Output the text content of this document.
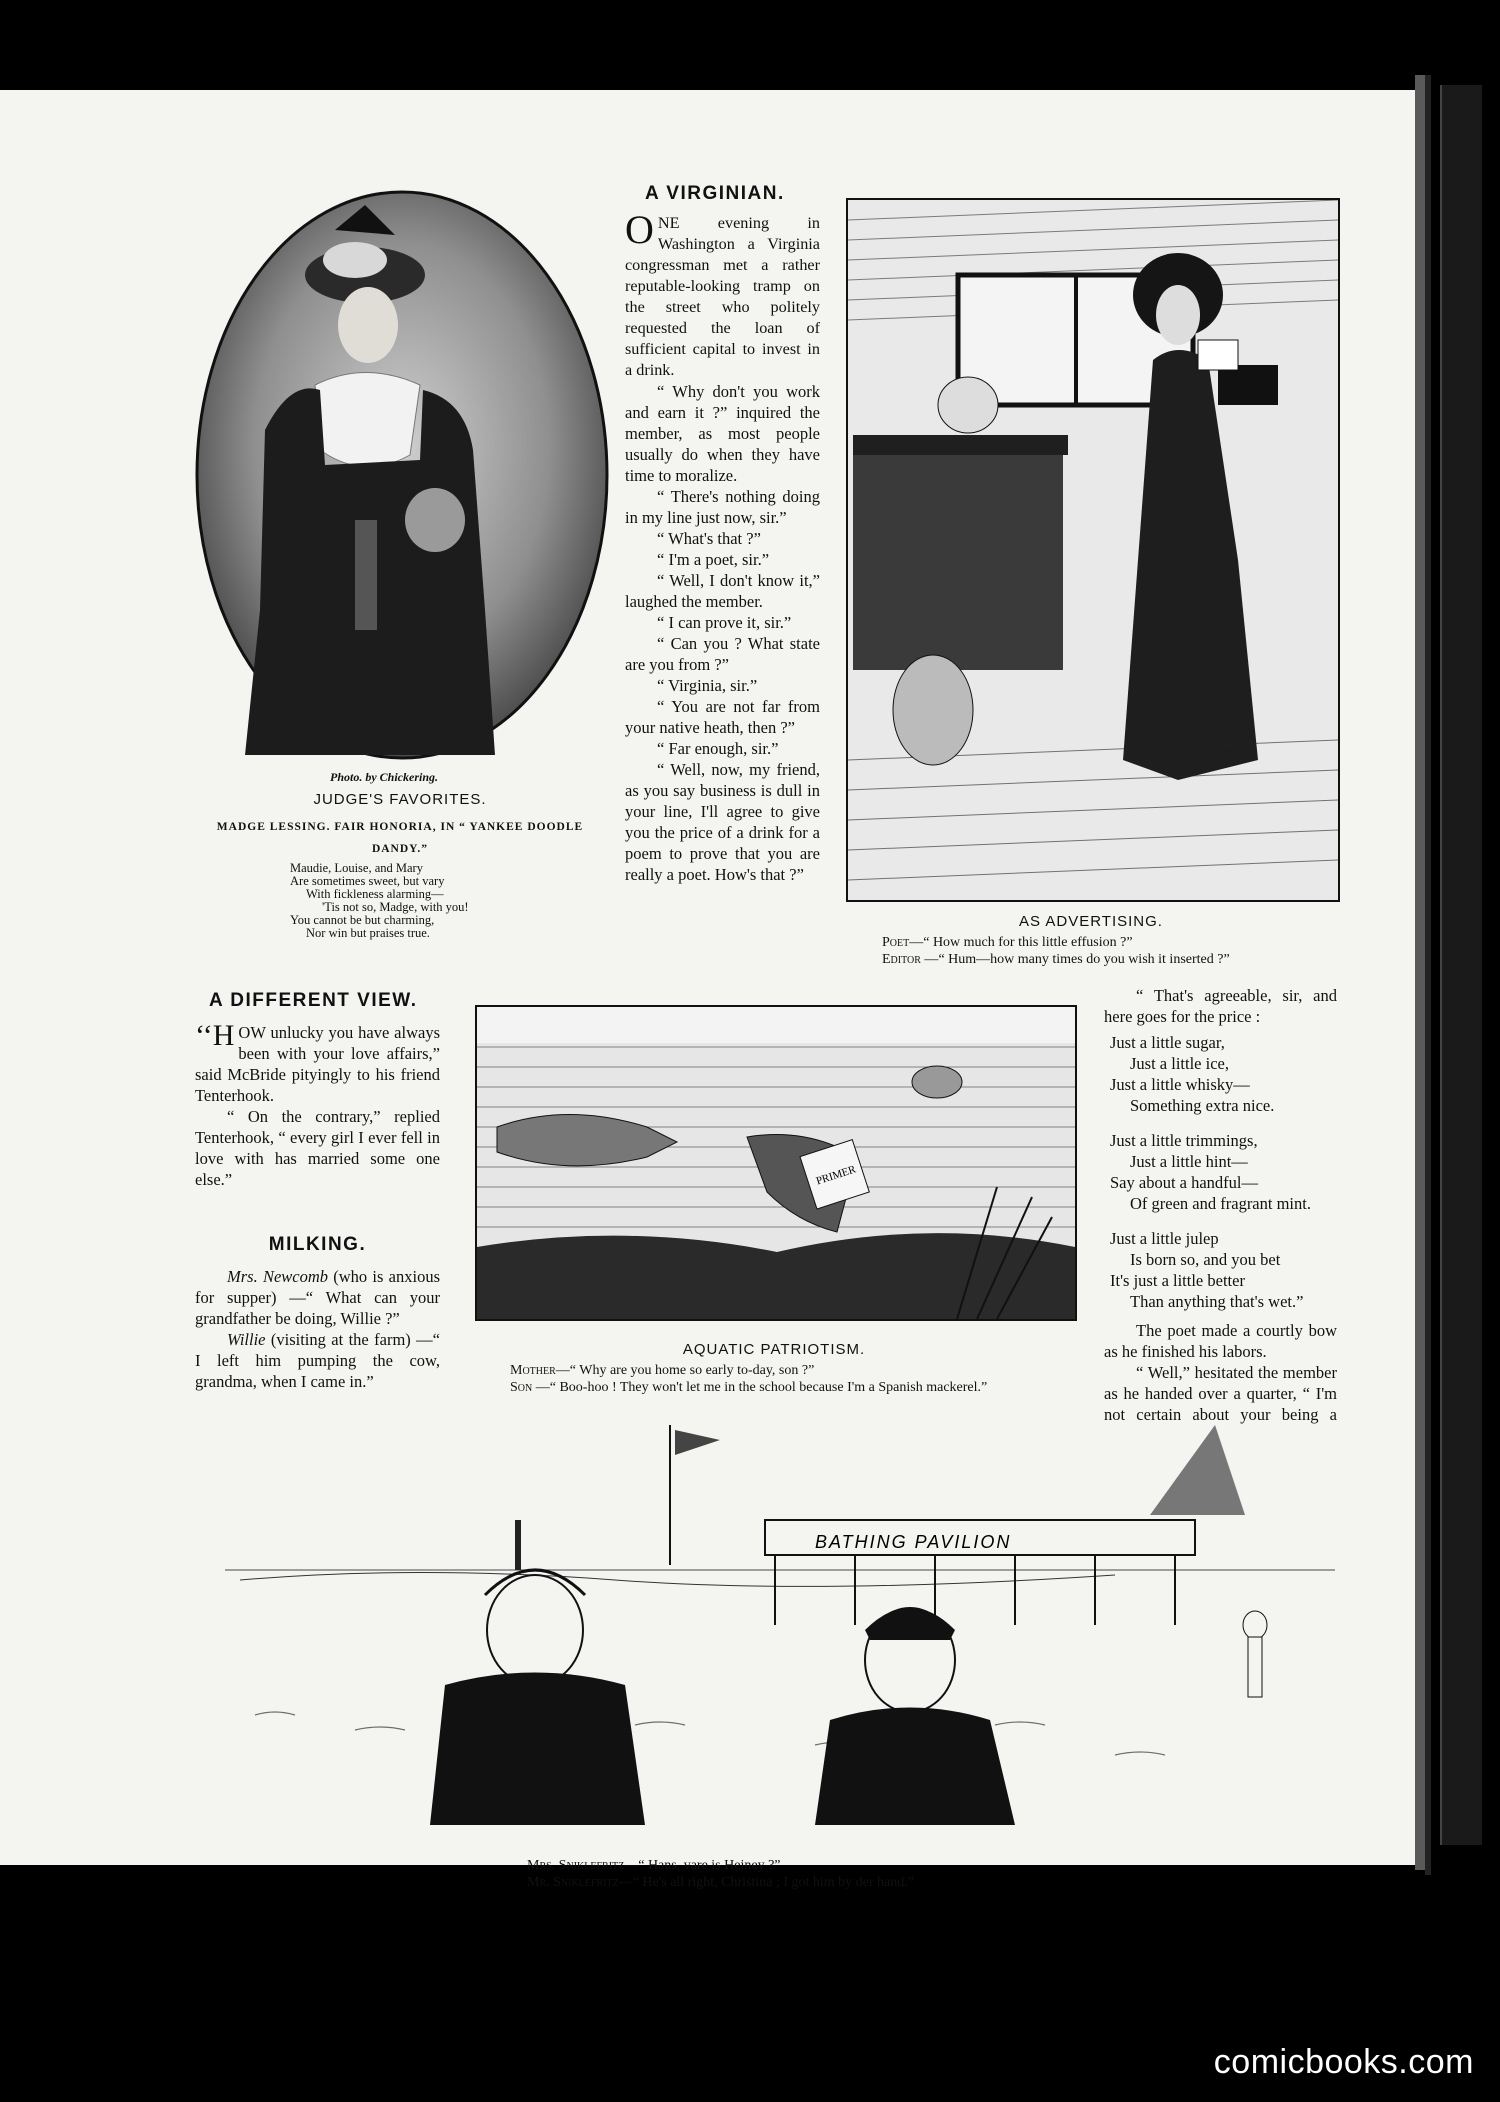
Photo. by Chickering.
JUDGE'S FAVORITES.
MADGE LESSING. FAIR HONORIA, IN “ YANKEE DOODLE
DANDY.”
Maudie, Louise, and Mary
Are sometimes sweet, but vary
With fickleness alarming—
'Tis not so, Madge, with you!
You cannot be but charming,
Nor win but praises true.
A VIRGINIAN.

ONE evening in Washington a Virginia congressman met a rather reputable-looking tramp on the street who politely requested the loan of sufficient capital to invest in a drink.

“ Why don't you work and earn it ?” inquired the member, as most people usually do when they have time to moralize.

“ There's nothing doing in my line just now, sir.”

“ What's that ?”

“ I'm a poet, sir.”

“ Well, I don't know it,” laughed the member.

“ I can prove it, sir.”

“ Can you ? What state are you from ?”

“ Virginia, sir.”

“ You are not far from your native heath, then ?”

“ Far enough, sir.”

“ Well, now, my friend, as you say business is dull in your line, I'll agree to give you the price of a drink for a poem to prove that you are really a poet. How's that ?”

AS ADVERTISING.
Poet—“ How much for this little effusion ?”
Editor —“ Hum—how many times do you wish it inserted ?”
A DIFFERENT VIEW.

‘‘H OW unlucky you have always been with your love affairs,” said McBride pityingly to his friend Tenterhook.

“ On the contrary,” replied Tenterhook, “ every girl I ever fell in love with has married some one else.”

MILKING.

Mrs. Newcomb (who is anxious for supper) —“ What can your grandfather be doing, Willie ?”

Willie (visiting at the farm) —“ I left him pumping the cow, grandma, when I came in.”

PRIMER
AQUATIC PATRIOTISM.
Mother—“ Why are you home so early to-day, son ?”
Son —“ Boo-hoo ! They won't let me in the school because I'm a Spanish mackerel.”

“ That's agreeable, sir, and here goes for the price :

Just a little sugar,

Just a little ice,

Just a little whisky—

Something extra nice.

Just a little trimmings,

Just a little hint—

Say about a handful—

Of green and fragrant mint.

Just a little julep

Is born so, and you bet

It's just a little better

Than anything that's wet.”

The poet made a courtly bow as he finished his labors.

“ Well,” hesitated the member as he handed over a quarter, “ I'm not certain about your being a

BATHING PAVILION
Mrs. Sniklefritz—“ Hans, vare is Heiney ?”
Mr. Sniklefritz—“ He's all right, Christina ; I got him by der hand.”
comicbooks.com
